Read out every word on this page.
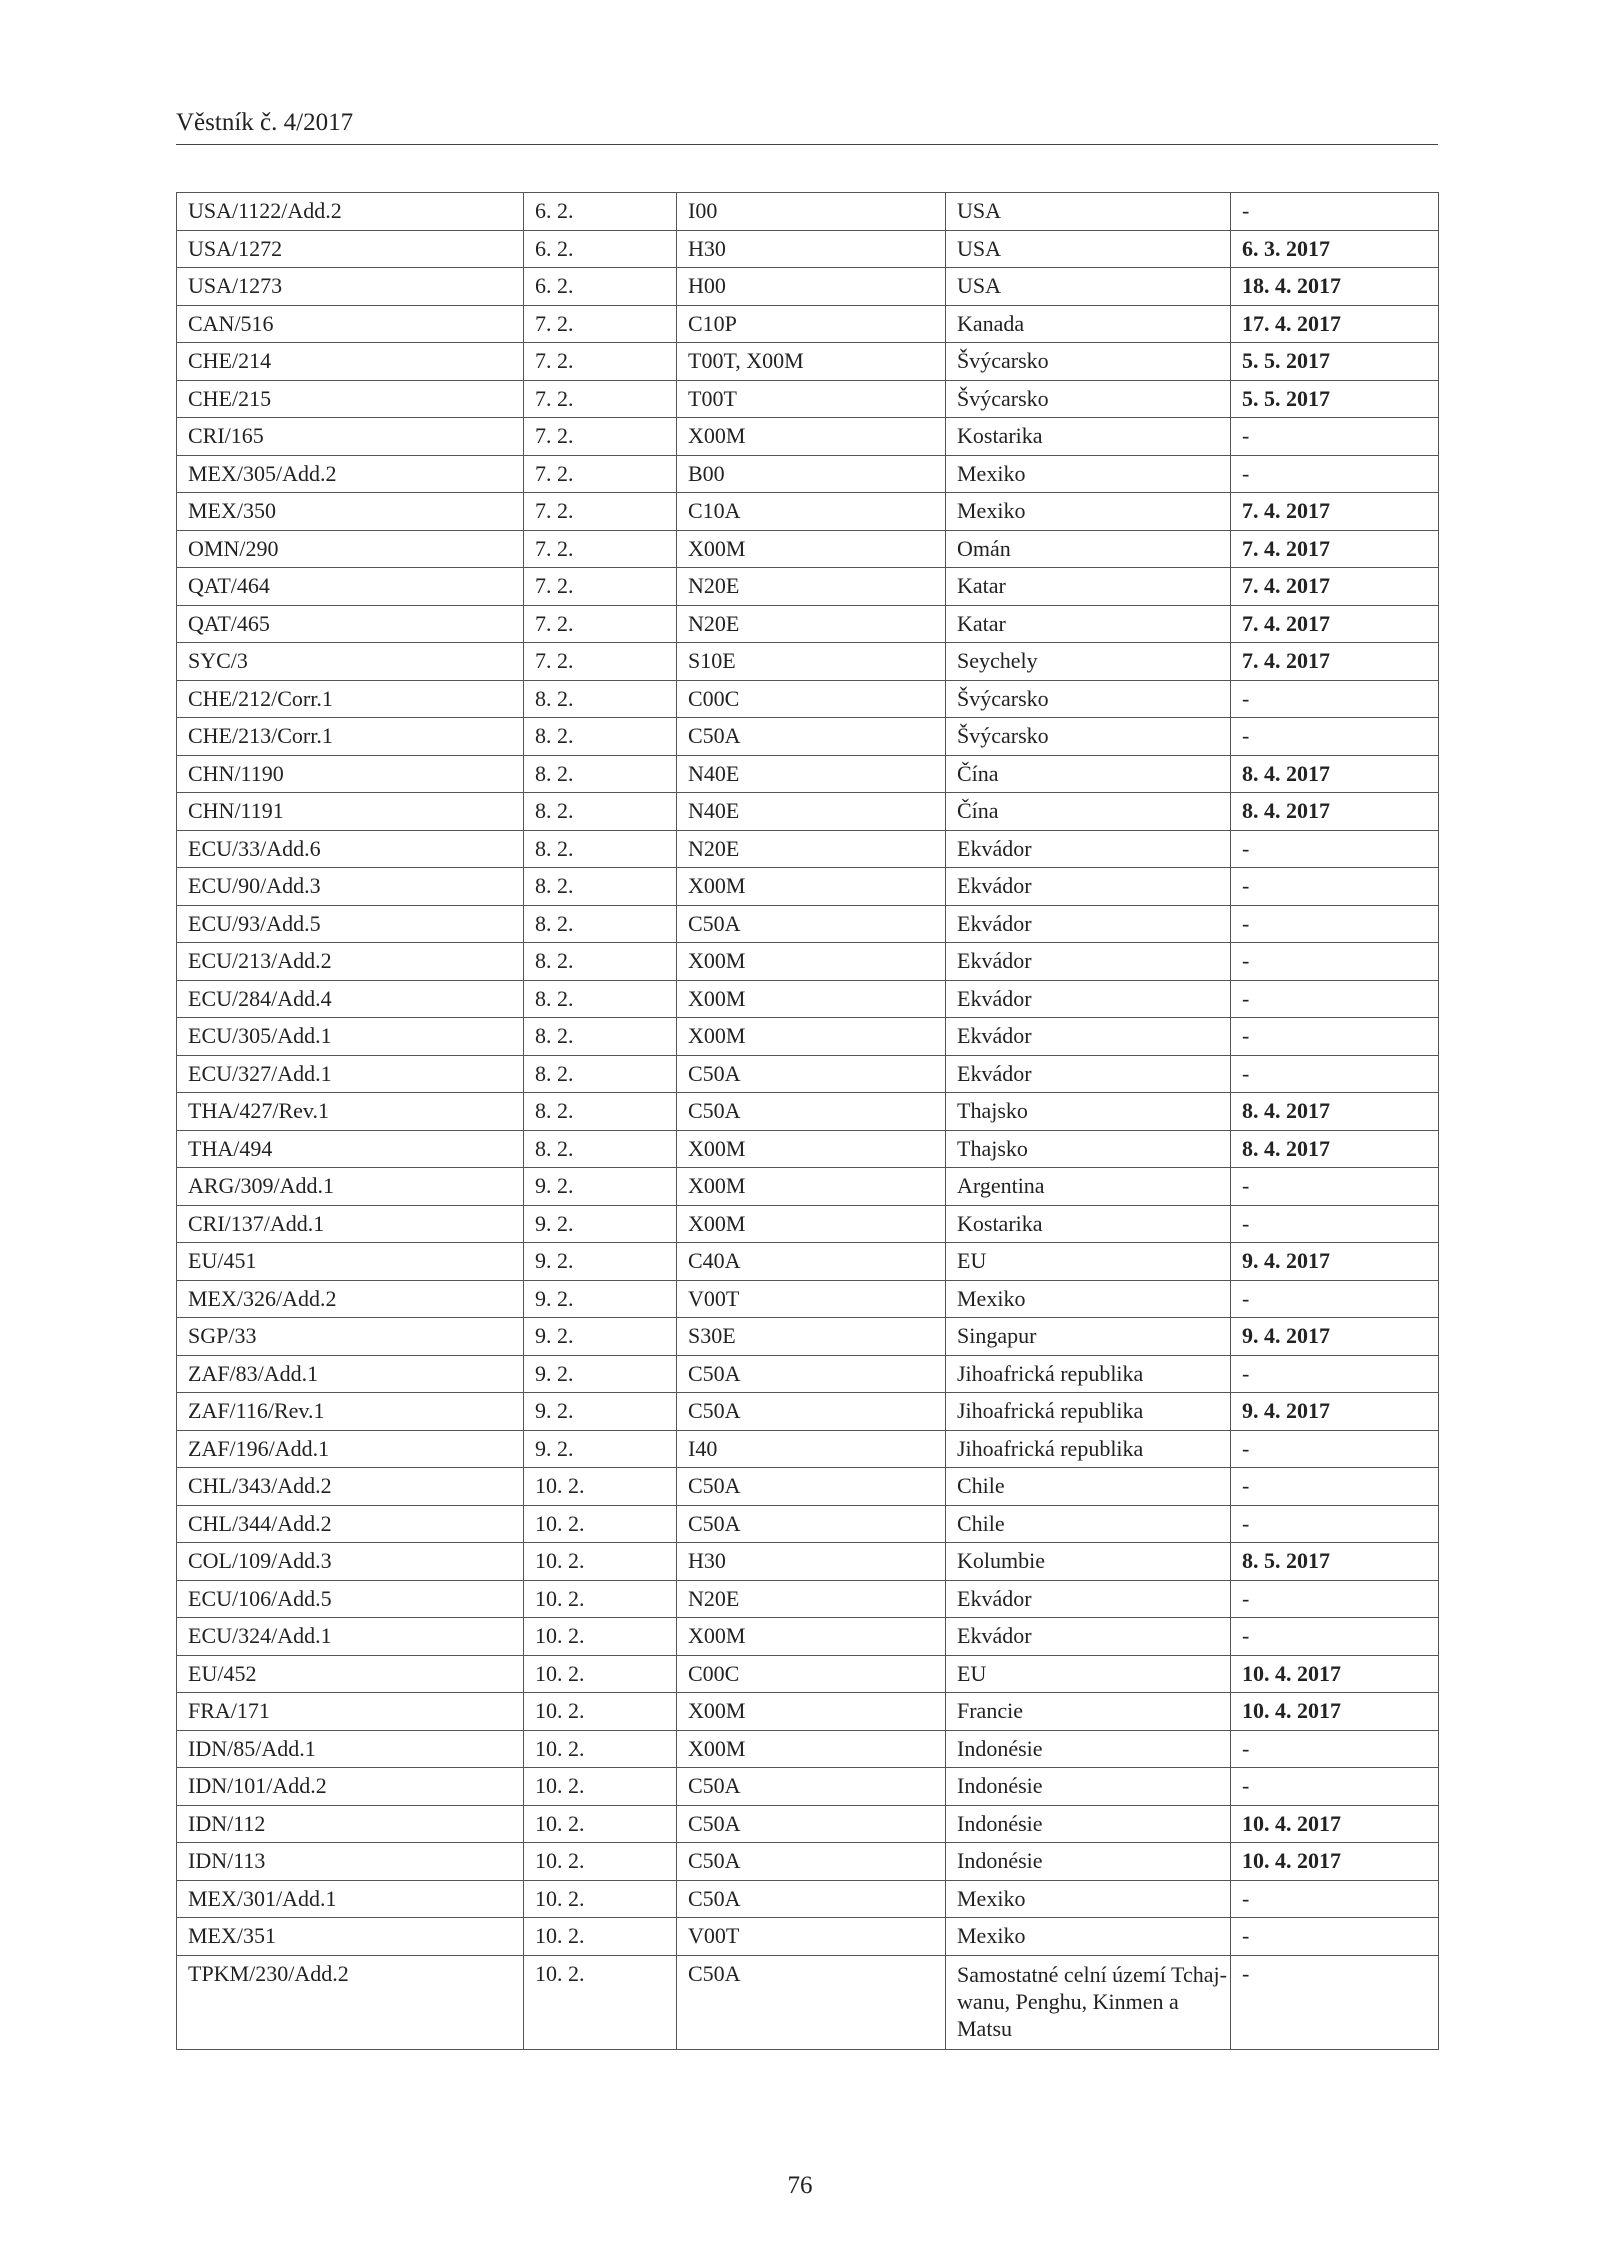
Věstník č. 4/2017
USA/1122/Add.2	6. 2.	I00	USA	-
USA/1272	6. 2.	H30	USA	6. 3. 2017
USA/1273	6. 2.	H00	USA	18. 4. 2017
CAN/516	7. 2.	C10P	Kanada	17. 4. 2017
CHE/214	7. 2.	T00T, X00M	Švýcarsko	5. 5. 2017
CHE/215	7. 2.	T00T	Švýcarsko	5. 5. 2017
CRI/165	7. 2.	X00M	Kostarika	-
MEX/305/Add.2	7. 2.	B00	Mexiko	-
MEX/350	7. 2.	C10A	Mexiko	7. 4. 2017
OMN/290	7. 2.	X00M	Omán	7. 4. 2017
QAT/464	7. 2.	N20E	Katar	7. 4. 2017
QAT/465	7. 2.	N20E	Katar	7. 4. 2017
SYC/3	7. 2.	S10E	Seychely	7. 4. 2017
CHE/212/Corr.1	8. 2.	C00C	Švýcarsko	-
CHE/213/Corr.1	8. 2.	C50A	Švýcarsko	-
CHN/1190	8. 2.	N40E	Čína	8. 4. 2017
CHN/1191	8. 2.	N40E	Čína	8. 4. 2017
ECU/33/Add.6	8. 2.	N20E	Ekvádor	-
ECU/90/Add.3	8. 2.	X00M	Ekvádor	-
ECU/93/Add.5	8. 2.	C50A	Ekvádor	-
ECU/213/Add.2	8. 2.	X00M	Ekvádor	-
ECU/284/Add.4	8. 2.	X00M	Ekvádor	-
ECU/305/Add.1	8. 2.	X00M	Ekvádor	-
ECU/327/Add.1	8. 2.	C50A	Ekvádor	-
THA/427/Rev.1	8. 2.	C50A	Thajsko	8. 4. 2017
THA/494	8. 2.	X00M	Thajsko	8. 4. 2017
ARG/309/Add.1	9. 2.	X00M	Argentina	-
CRI/137/Add.1	9. 2.	X00M	Kostarika	-
EU/451	9. 2.	C40A	EU	9. 4. 2017
MEX/326/Add.2	9. 2.	V00T	Mexiko	-
SGP/33	9. 2.	S30E	Singapur	9. 4. 2017
ZAF/83/Add.1	9. 2.	C50A	Jihoafrická republika	-
ZAF/116/Rev.1	9. 2.	C50A	Jihoafrická republika	9. 4. 2017
ZAF/196/Add.1	9. 2.	I40	Jihoafrická republika	-
CHL/343/Add.2	10. 2.	C50A	Chile	-
CHL/344/Add.2	10. 2.	C50A	Chile	-
COL/109/Add.3	10. 2.	H30	Kolumbie	8. 5. 2017
ECU/106/Add.5	10. 2.	N20E	Ekvádor	-
ECU/324/Add.1	10. 2.	X00M	Ekvádor	-
EU/452	10. 2.	C00C	EU	10. 4. 2017
FRA/171	10. 2.	X00M	Francie	10. 4. 2017
IDN/85/Add.1	10. 2.	X00M	Indonésie	-
IDN/101/Add.2	10. 2.	C50A	Indonésie	-
IDN/112	10. 2.	C50A	Indonésie	10. 4. 2017
IDN/113	10. 2.	C50A	Indonésie	10. 4. 2017
MEX/301/Add.1	10. 2.	C50A	Mexiko	-
MEX/351	10. 2.	V00T	Mexiko	-
TPKM/230/Add.2	10. 2.	C50A	Samostatné celní území Tchaj-wanu, Penghu, Kinmen a Matsu	-
76
